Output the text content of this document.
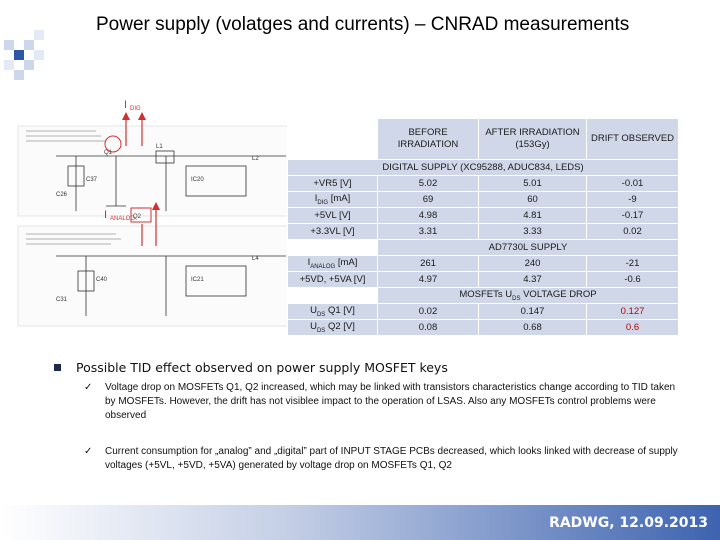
Power supply (volatges and currents) – CNRAD measurements
I DIG
Q1
L1
C37	IC20
L2
C26
I ANALOG
Q2
C40	IC21
L4
C31
	BEFORE IRRADIATION	AFTER IRRADIATION (153Gy)	DRIFT OBSERVED
DIGITAL SUPPLY (XC95288, ADUC834, LEDS)			
+VR5 [V]	5.02	5.01	-0.01
$I_{DIG}$ [mA]	69	60	-9
+5VL [V]	4.98	4.81	-0.17
+3.3VL [V]	3.31	3.33	0.02
	AD7730L SUPPLY		
$I_{ANALOG}$ [mA]	261	240	-21
+5VD, +5VA [V]	4.97	4.37	-0.6
	MOSFETs $U_{DS}$ VOLTAGE DROP		
$U_{DS}$ Q1 [V]	0.02	0.147	0.127
$U_{DS}$ Q2 [V]	0.08	0.68	0.6
Possible TID effect observed on power supply MOSFET keys
✓ Voltage drop on MOSFETs Q1, Q2 increased, which may be linked with transistors characteristics change according to TID taken by MOSFETs. However, the drift has not visiblee impact to the operation of LSAS. Also any MOSFETs control problems were observed
✓ Current consumption for „analog” and „digital” part of INPUT STAGE PCBs decreased, which looks linked with decrease of supply voltages (+5VL, +5VD, +5VA) generated by voltage drop on MOSFETs Q1, Q2
RADWG, 12.09.2013
